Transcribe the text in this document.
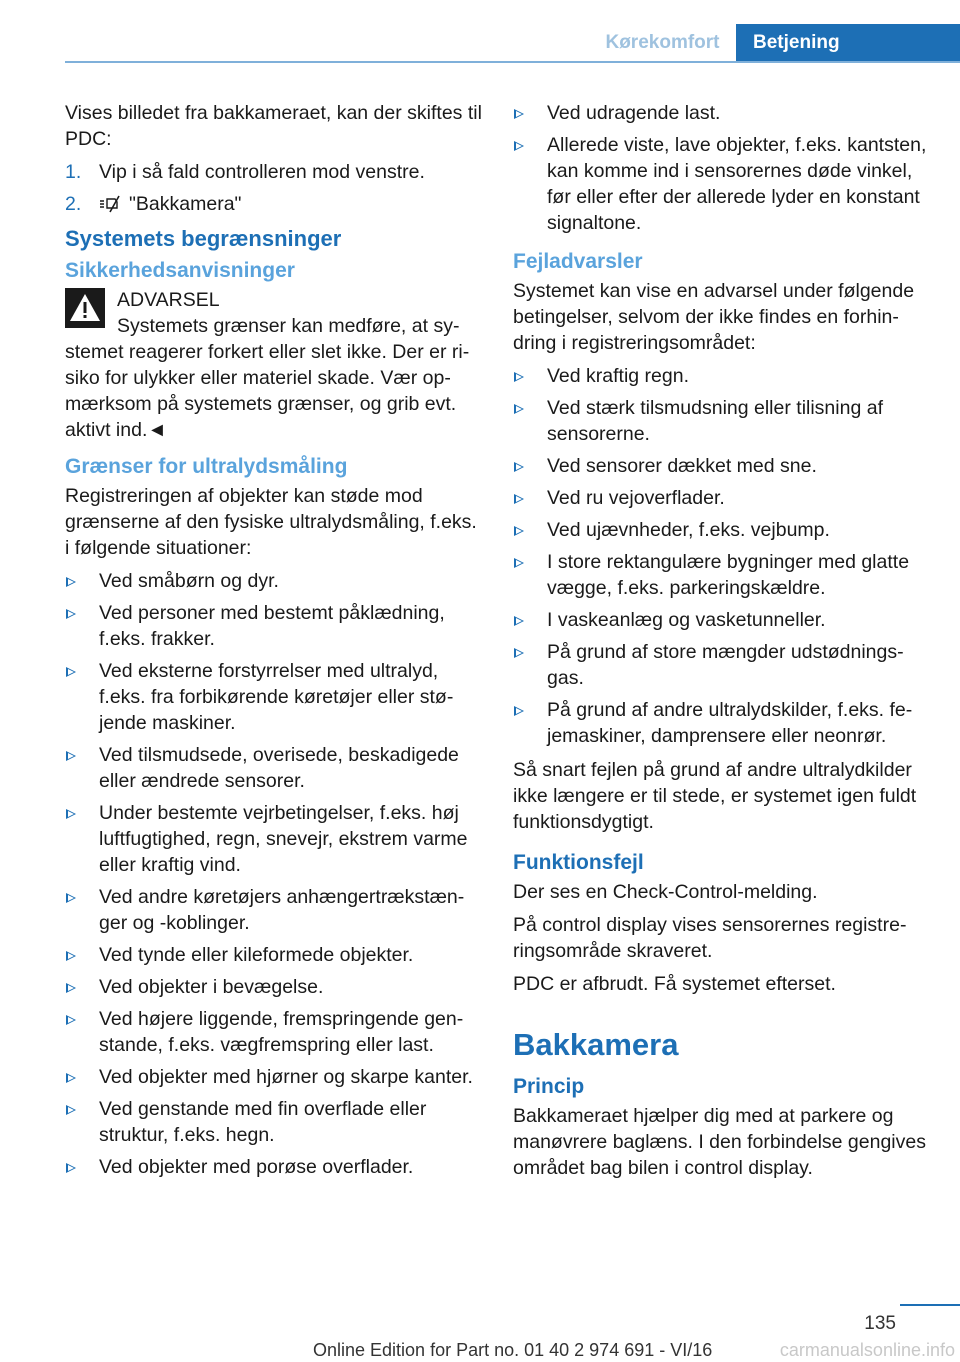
Kørekomfort	Betjening

Vises billedet fra bakkameraet, kan der skiftes til PDC:

1. Vip i så fald controlleren mod venstre.
2. "Bakkamera"
Systemets begrænsninger
Sikkerhedsanvisninger
ADVARSEL
Systemets grænser kan medføre, at systemet reagerer forkert eller slet ikke. Der er risiko for ulykker eller materiel skade. Vær opmærksom på systemets grænser, og grib evt. aktivt ind.◄
Grænser for ultralydsmåling

Registreringen af objekter kan støde mod grænserne af den fysiske ultralydsmåling, f.eks. i følgende situationer:

Ved småbørn og dyr.
Ved personer med bestemt påklædning, f.eks. frakker.
Ved eksterne forstyrrelser med ultralyd, f.eks. fra forbikørende køretøjer eller støjende maskiner.
Ved tilsmudsede, overisede, beskadigede eller ændrede sensorer.
Under bestemte vejrbetingelser, f.eks. høj luftfugtighed, regn, snevejr, ekstrem varme eller kraftig vind.
Ved andre køretøjers anhængertrækstænger og -koblinger.
Ved tynde eller kileformede objekter.
Ved objekter i bevægelse.
Ved højere liggende, fremspringende genstande, f.eks. vægfremspring eller last.
Ved objekter med hjørner og skarpe kanter.
Ved genstande med fin overflade eller struktur, f.eks. hegn.
Ved objekter med porøse overflader.
Ved udragende last.
Allerede viste, lave objekter, f.eks. kantsten, kan komme ind i sensorernes døde vinkel, før eller efter der allerede lyder en konstant signaltone.
Fejladvarsler

Systemet kan vise en advarsel under følgende betingelser, selvom der ikke findes en forhindring i registreringsområdet:

Ved kraftig regn.
Ved stærk tilsmudsning eller tilisning af sensorerne.
Ved sensorer dækket med sne.
Ved ru vejoverflader.
Ved ujævnheder, f.eks. vejbump.
I store rektangulære bygninger med glatte vægge, f.eks. parkeringskældre.
I vaskeanlæg og vasketunneller.
På grund af store mængder udstødningsgas.
På grund af andre ultralydskilder, f.eks. fejemaskiner, damprensere eller neonrør.

Så snart fejlen på grund af andre ultralydkilder ikke længere er til stede, er systemet igen fuldt funktionsdygtigt.

Funktionsfejl

Der ses en Check-Control-melding.

På control display vises sensorernes registreringsområde skraveret.

PDC er afbrudt. Få systemet efterset.

Bakkamera
Princip

Bakkameraet hjælper dig med at parkere og manøvrere baglæns. I den forbindelse gengives området bag bilen i control display.

135
Online Edition for Part no. 01 40 2 974 691 - VI/16	carmanualsonline.info
